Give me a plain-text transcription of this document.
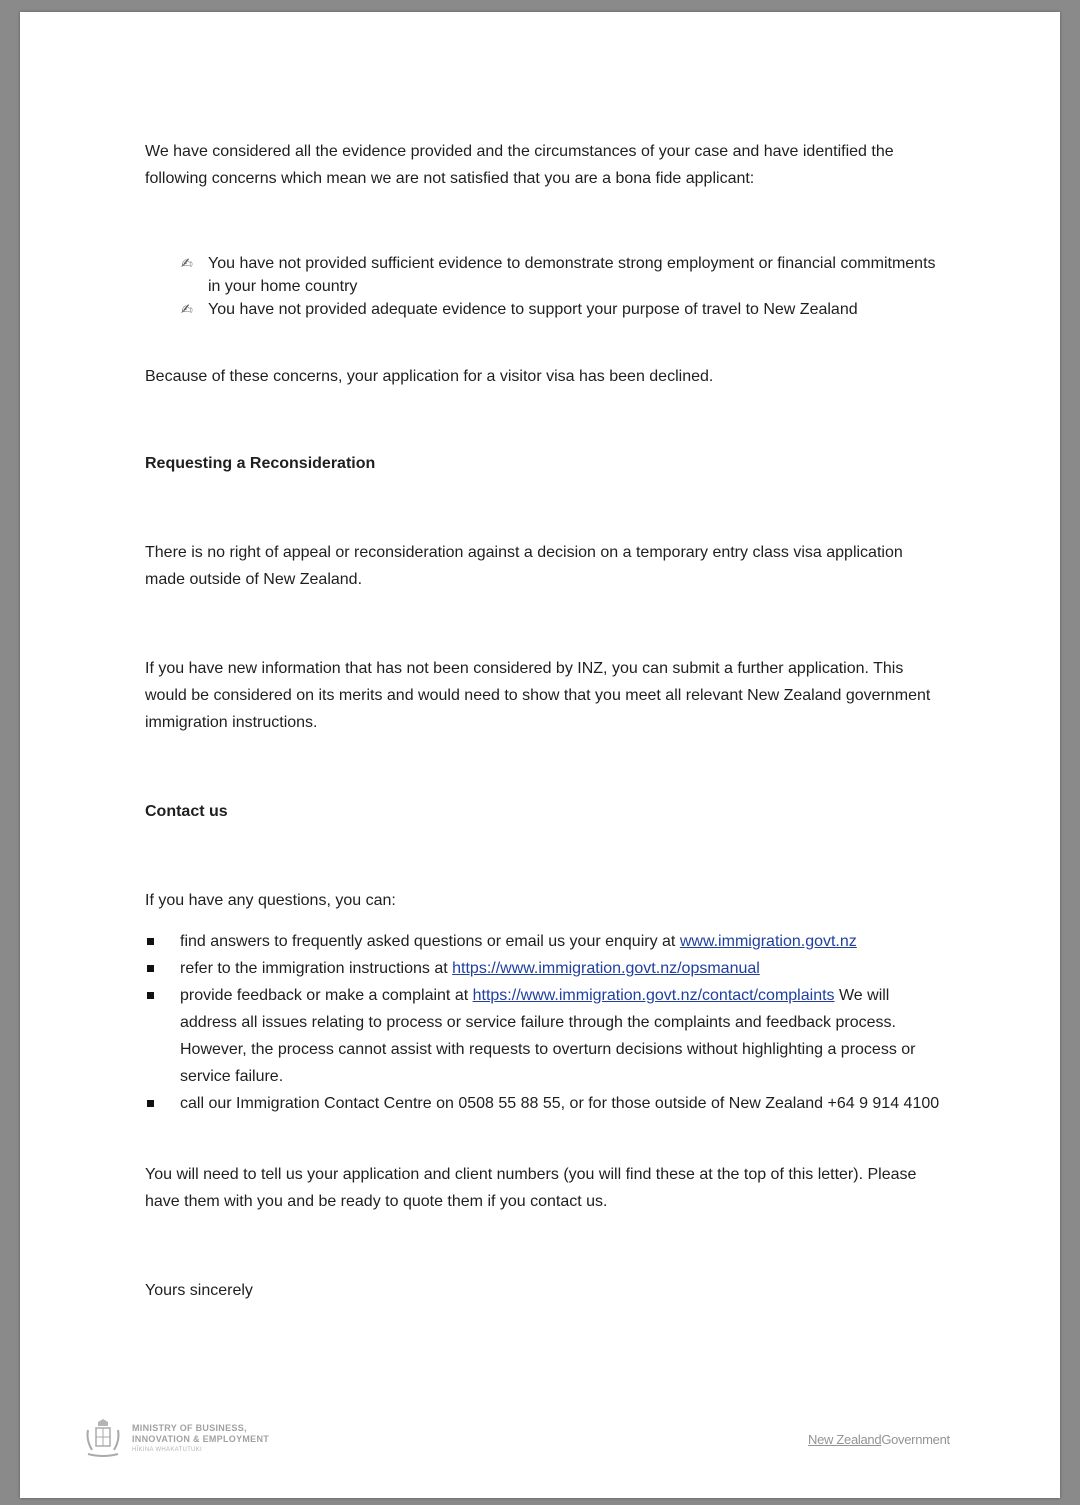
We have considered all the evidence provided and the circumstances of your case and have identified the following concerns which mean we are not satisfied that you are a bona fide applicant:

✍ You have not provided sufficient evidence to demonstrate strong employment or financial commitments in your home country
✍ You have not provided adequate evidence to support your purpose of travel to New Zealand

Because of these concerns, your application for a visitor visa has been declined.

Requesting a Reconsideration

There is no right of appeal or reconsideration against a decision on a temporary entry class visa application made outside of New Zealand.

If you have new information that has not been considered by INZ, you can submit a further application. This would be considered on its merits and would need to show that you meet all relevant New Zealand government immigration instructions.

Contact us

If you have any questions, you can:

find answers to frequently asked questions or email us your enquiry at www.immigration.govt.nz
refer to the immigration instructions at https://www.immigration.govt.nz/opsmanual
provide feedback or make a complaint at https://www.immigration.govt.nz/contact/complaints We will address all issues relating to process or service failure through the complaints and feedback process. However, the process cannot assist with requests to overturn decisions without highlighting a process or service failure.
call our Immigration Contact Centre on 0508 55 88 55, or for those outside of New Zealand +64 9 914 4100

You will need to tell us your application and client numbers (you will find these at the top of this letter). Please have them with you and be ready to quote them if you contact us.

Yours sincerely

MINISTRY OF BUSINESS,
INNOVATION & EMPLOYMENT
HĪKINA WHAKATUTUKI
New ZealandGovernment
